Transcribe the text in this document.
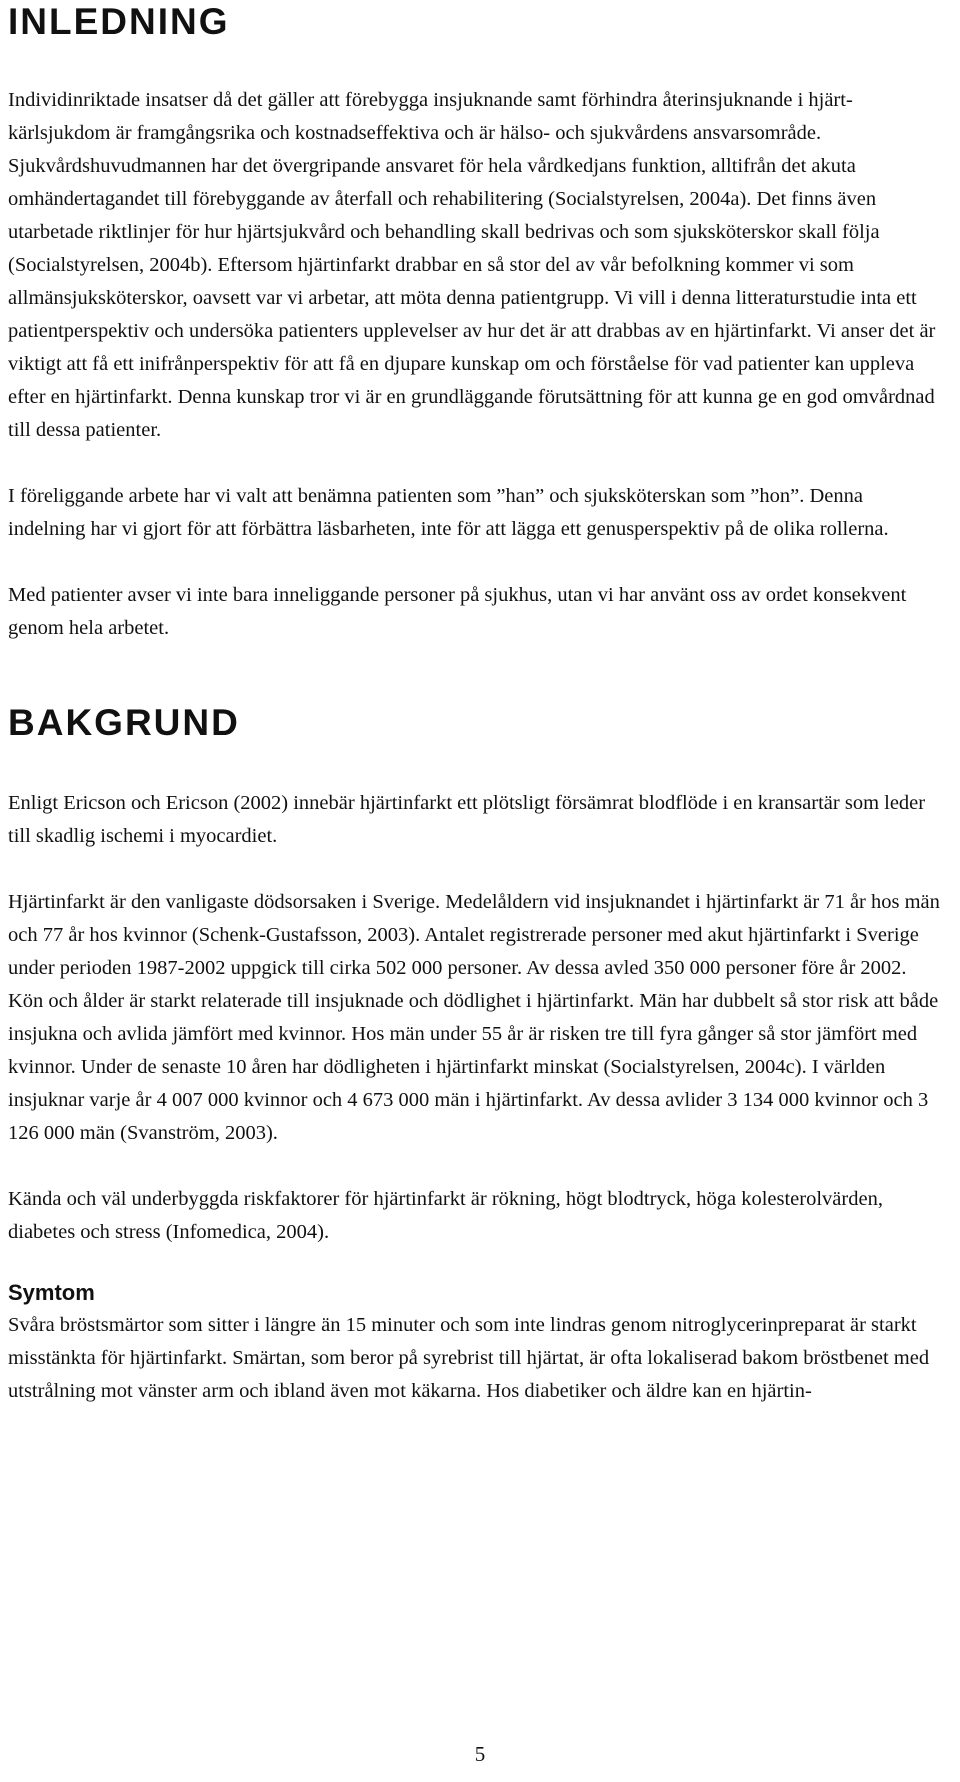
INLEDNING

Individinriktade insatser då det gäller att förebygga insjuknande samt förhindra återinsjuknande i hjärt-kärlsjukdom är framgångsrika och kostnadseffektiva och är hälso- och sjukvårdens ansvarsområde. Sjukvårdshuvudmannen har det övergripande ansvaret för hela vårdkedjans funktion, alltifrån det akuta omhändertagandet till förebyggande av återfall och rehabilitering (Socialstyrelsen, 2004a). Det finns även utarbetade riktlinjer för hur hjärtsjukvård och behandling skall bedrivas och som sjuksköterskor skall följa (Socialstyrelsen, 2004b). Eftersom hjärtinfarkt drabbar en så stor del av vår befolkning kommer vi som allmänsjuksköterskor, oavsett var vi arbetar, att möta denna patientgrupp. Vi vill i denna litteraturstudie inta ett patientperspektiv och undersöka patienters upplevelser av hur det är att drabbas av en hjärtinfarkt. Vi anser det är viktigt att få ett inifrånperspektiv för att få en djupare kunskap om och förståelse för vad patienter kan uppleva efter en hjärtinfarkt. Denna kunskap tror vi är en grundläggande förutsättning för att kunna ge en god omvårdnad till dessa patienter.

I föreliggande arbete har vi valt att benämna patienten som ”han” och sjuksköterskan som ”hon”. Denna indelning har vi gjort för att förbättra läsbarheten, inte för att lägga ett genusperspektiv på de olika rollerna.

Med patienter avser vi inte bara inneliggande personer på sjukhus, utan vi har använt oss av ordet konsekvent genom hela arbetet.

BAKGRUND

Enligt Ericson och Ericson (2002) innebär hjärtinfarkt ett plötsligt försämrat blodflöde i en kransartär som leder till skadlig ischemi i myocardiet.

Hjärtinfarkt är den vanligaste dödsorsaken i Sverige. Medelåldern vid insjuknandet i hjärtinfarkt är 71 år hos män och 77 år hos kvinnor (Schenk-Gustafsson, 2003). Antalet registrerade personer med akut hjärtinfarkt i Sverige under perioden 1987-2002 uppgick till cirka 502 000 personer. Av dessa avled 350 000 personer före år 2002. Kön och ålder är starkt relaterade till insjuknade och dödlighet i hjärtinfarkt. Män har dubbelt så stor risk att både insjukna och avlida jämfört med kvinnor. Hos män under 55 år är risken tre till fyra gånger så stor jämfört med kvinnor. Under de senaste 10 åren har dödligheten i hjärtinfarkt minskat (Socialstyrelsen, 2004c). I världen insjuknar varje år 4 007 000 kvinnor och 4 673 000 män i hjärtinfarkt. Av dessa avlider 3 134 000 kvinnor och 3 126 000 män (Svanström, 2003).

Kända och väl underbyggda riskfaktorer för hjärtinfarkt är rökning, högt blodtryck, höga kolesterolvärden, diabetes och stress (Infomedica, 2004).

Symtom

Svåra bröstsmärtor som sitter i längre än 15 minuter och som inte lindras genom nitroglycerinpreparat är starkt misstänkta för hjärtinfarkt. Smärtan, som beror på syrebrist till hjärtat, är ofta lokaliserad bakom bröstbenet med utstrålning mot vänster arm och ibland även mot käkarna. Hos diabetiker och äldre kan en hjärtin-

5
